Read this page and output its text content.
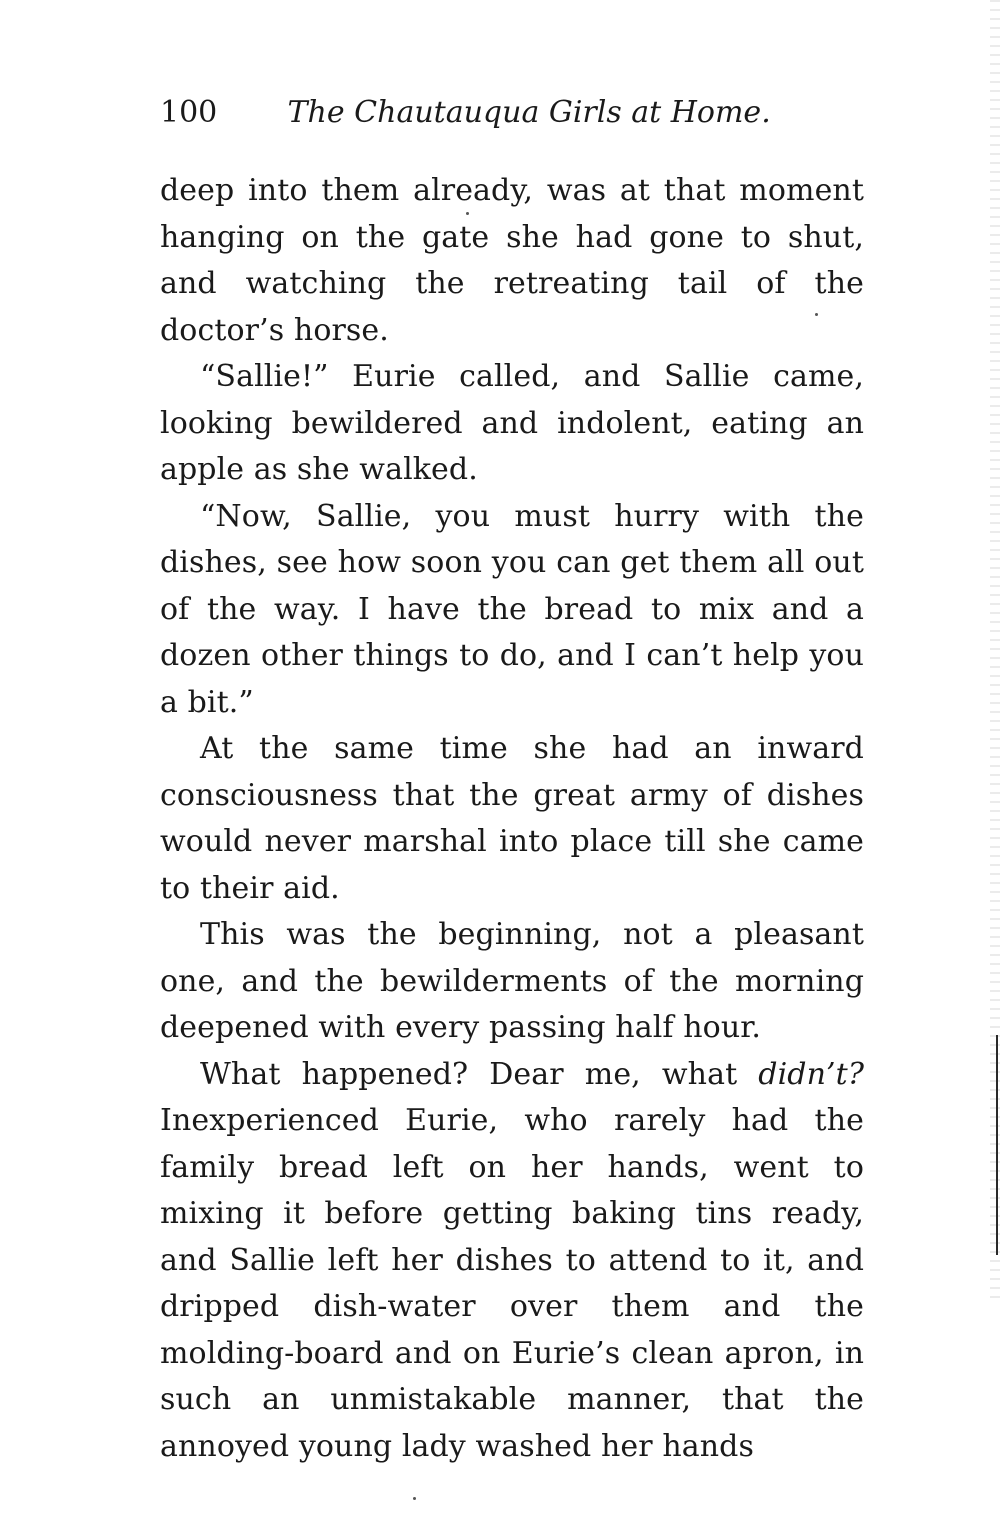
100 The Chautauqua Girls at Home.

deep into them already, was at that moment hanging on the gate she had gone to shut, and watching the retreating tail of the doctor’s horse.

“Sallie!” Eurie called, and Sallie came, looking bewildered and indolent, eating an apple as she walked.

“Now, Sallie, you must hurry with the dishes, see how soon you can get them all out of the way. I have the bread to mix and a dozen other things to do, and I can’t help you a bit.”

At the same time she had an inward consciousness that the great army of dishes would never marshal into place till she came to their aid.

This was the beginning, not a pleasant one, and the bewilderments of the morning deepened with every passing half hour.

What happened? Dear me, what didn’t? Inexperienced Eurie, who rarely had the family bread left on her hands, went to mixing it before getting baking tins ready, and Sallie left her dishes to attend to it, and dripped dish-water over them and the molding-board and on Eurie’s clean apron, in such an unmistakable manner, that the annoyed young lady washed her hands
